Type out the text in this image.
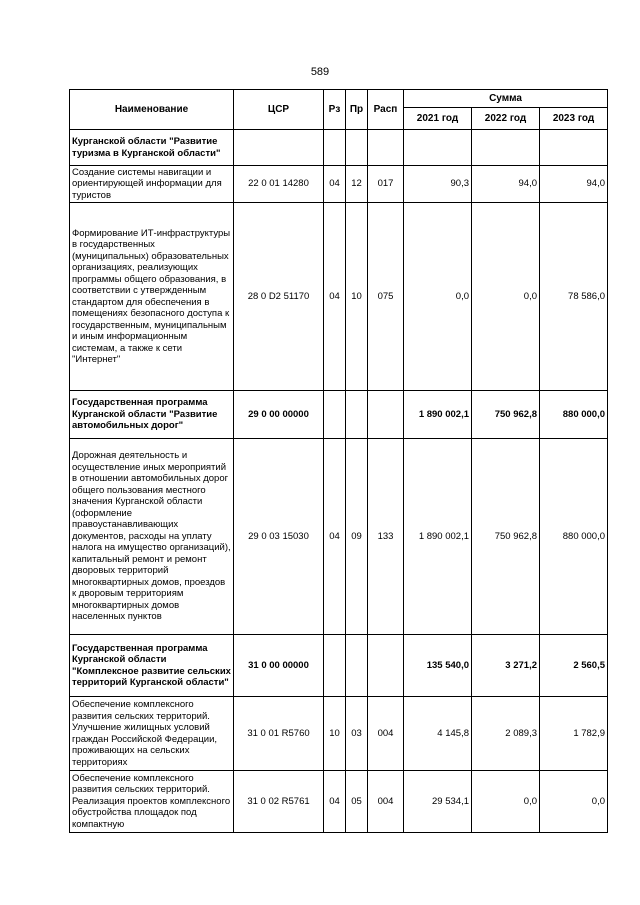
589
Наименование	ЦСР	Рз	Пр	Расп	Сумма		
					2021 год	2022 год	2023 год
Курганской области "Развитие туризма в Курганской области"							
Создание системы навигации и ориентирующей информации для туристов	22 0 01 14280	04	12	017	90,3	94,0	94,0
Формирование ИТ-инфраструктуры в государственных (муниципальных) образовательных организациях, реализующих программы общего образования, в соответствии с утвержденным стандартом для обеспечения в помещениях безопасного доступа к государственным, муниципальным и иным информационным системам, а также к сети "Интернет"	28 0 D2 51170	04	10	075	0,0	0,0	78 586,0
Государственная программа Курганской области "Развитие автомобильных дорог"	29 0 00 00000				1 890 002,1	750 962,8	880 000,0
Дорожная деятельность и осуществление иных мероприятий в отношении автомобильных дорог общего пользования местного значения Курганской области (оформление правоустанавливающих документов, расходы на уплату налога на имущество организаций), капитальный ремонт и ремонт дворовых территорий многоквартирных домов, проездов к дворовым территориям многоквартирных домов населенных пунктов	29 0 03 15030	04	09	133	1 890 002,1	750 962,8	880 000,0
Государственная программа Курганской области "Комплексное развитие сельских территорий Курганской области"	31 0 00 00000				135 540,0	3 271,2	2 560,5
Обеспечение комплексного развития сельских территорий. Улучшение жилищных условий граждан Российской Федерации, проживающих на сельских территориях	31 0 01 R5760	10	03	004	4 145,8	2 089,3	1 782,9
Обеспечение комплексного развития сельских территорий. Реализация проектов комплексного обустройства площадок под компактную	31 0 02 R5761	04	05	004	29 534,1	0,0	0,0
